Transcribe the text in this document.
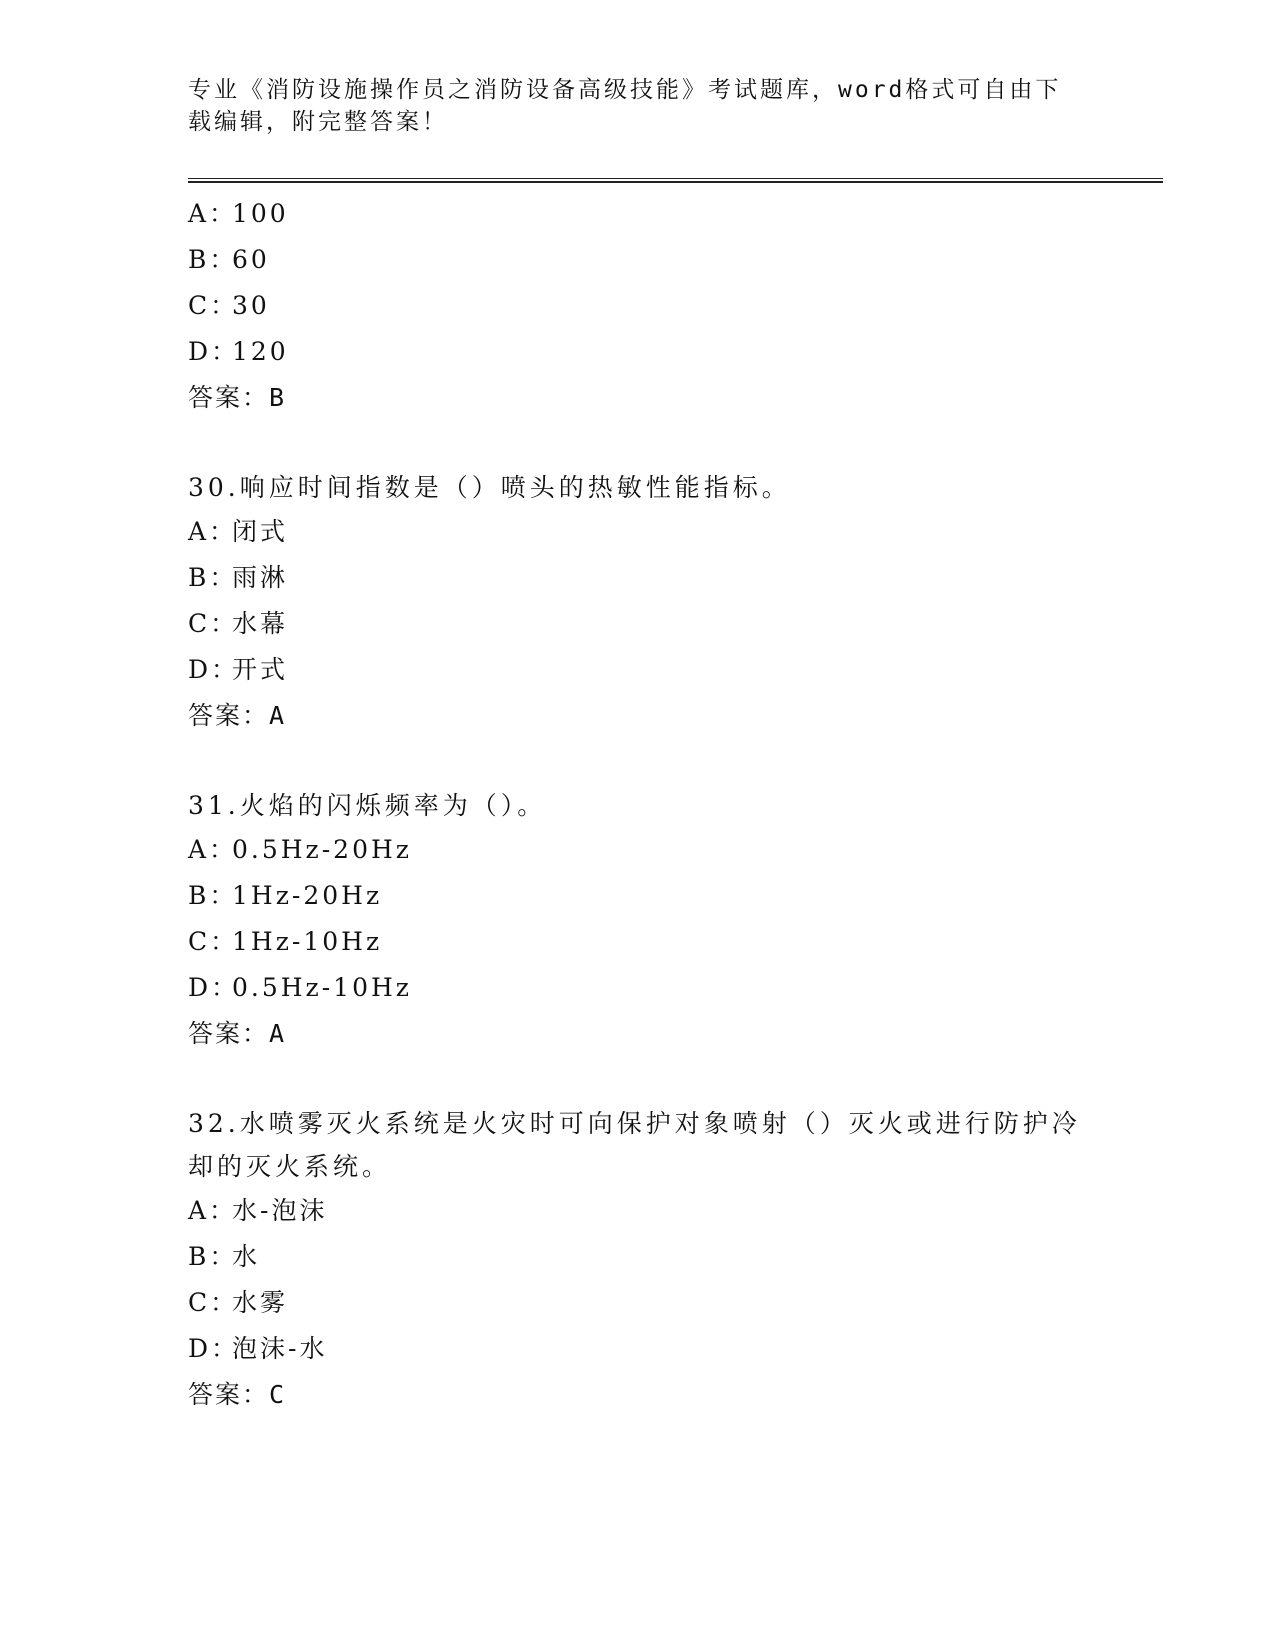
专业《消防设施操作员之消防设备高级技能》考试题库，word格式可自由下载编辑，附完整答案！
A：100
B：60
C：30
D：120
答案：B
30.响应时间指数是（）喷头的热敏性能指标。
A：闭式
B：雨淋
C：水幕
D：开式
答案：A
31.火焰的闪烁频率为（）。
A：0.5Hz-20Hz
B：1Hz-20Hz
C：1Hz-10Hz
D：0.5Hz-10Hz
答案：A
32.水喷雾灭火系统是火灾时可向保护对象喷射（）灭火或进行防护冷却的灭火系统。
A：水-泡沫
B：水
C：水雾
D：泡沫-水
答案：C
